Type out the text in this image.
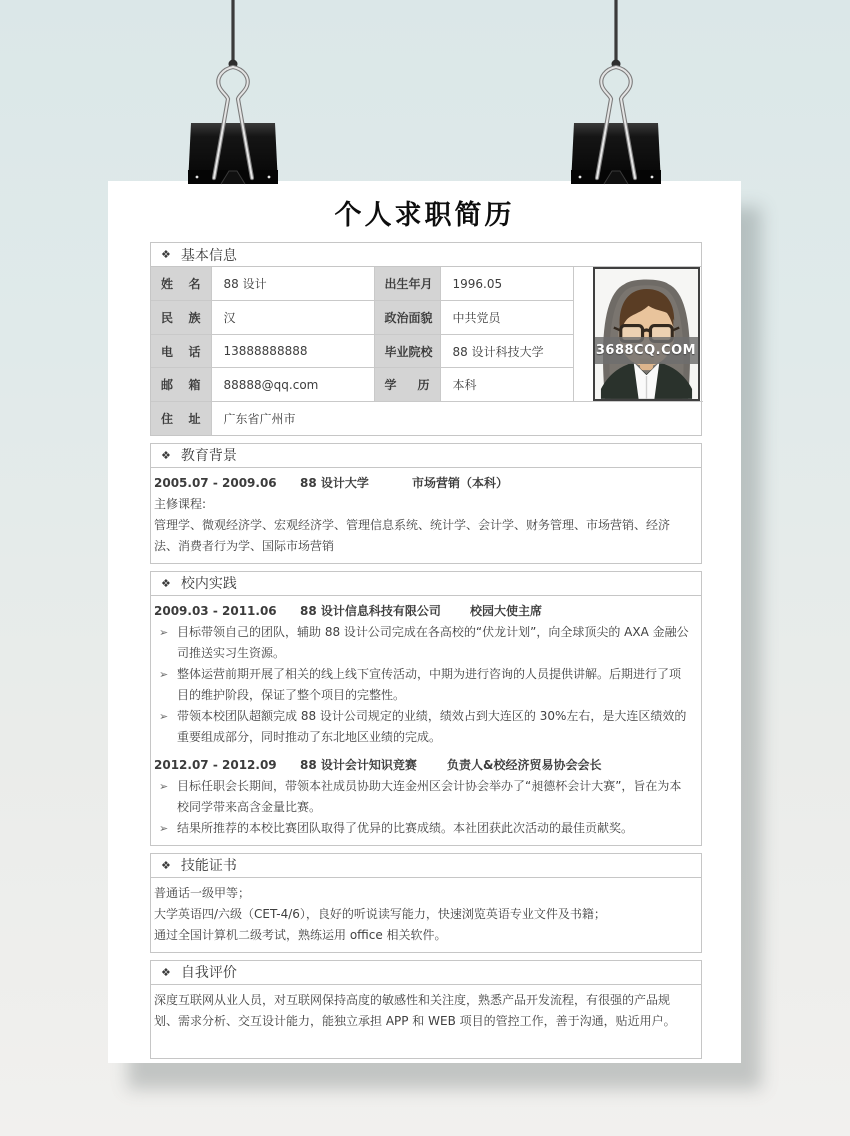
个人求职简历
❖ 基本信息
姓名	88 设计	出生年月	1996.05	3688CQ.COM

民族	汉	政治面貌	中共党员	
电话	13888888888	毕业院校	88 设计科技大学	
邮箱	88888@qq.com	学历	本科	
住址	广东省广州市			
❖ 教育背景
2005.07 - 2009.06	88 设计大学	市场营销（本科）
主修课程:
管理学、微观经济学、宏观经济学、管理信息系统、统计学、会计学、财务管理、市场营销、经济法、消费者行为学、国际市场营销
❖ 校内实践
2009.03 - 2011.06	88 设计信息科技有限公司	校园大使主席
➢ 目标带领自己的团队，辅助 88 设计公司完成在各高校的“伏龙计划”，向全球顶尖的 AXA 金融公司推送实习生资源。
➢ 整体运营前期开展了相关的线上线下宣传活动，中期为进行咨询的人员提供讲解。后期进行了项目的维护阶段，保证了整个项目的完整性。
➢ 带领本校团队超额完成 88 设计公司规定的业绩，绩效占到大连区的 30%左右，是大连区绩效的重要组成部分，同时推动了东北地区业绩的完成。
2012.07 - 2012.09	88 设计会计知识竞赛	负责人&校经济贸易协会会长
➢ 目标任职会长期间，带领本社成员协助大连金州区会计协会举办了“昶德杯会计大赛”，旨在为本校同学带来高含金量比赛。
➢ 结果所推荐的本校比赛团队取得了优异的比赛成绩。本社团获此次活动的最佳贡献奖。
❖ 技能证书
普通话一级甲等；
大学英语四/六级（CET-4/6），良好的听说读写能力，快速浏览英语专业文件及书籍；
通过全国计算机二级考试，熟练运用 office 相关软件。
❖ 自我评价
深度互联网从业人员，对互联网保持高度的敏感性和关注度，熟悉产品开发流程，有很强的产品规划、需求分析、交互设计能力，能独立承担 APP 和 WEB 项目的管控工作，善于沟通，贴近用户。
